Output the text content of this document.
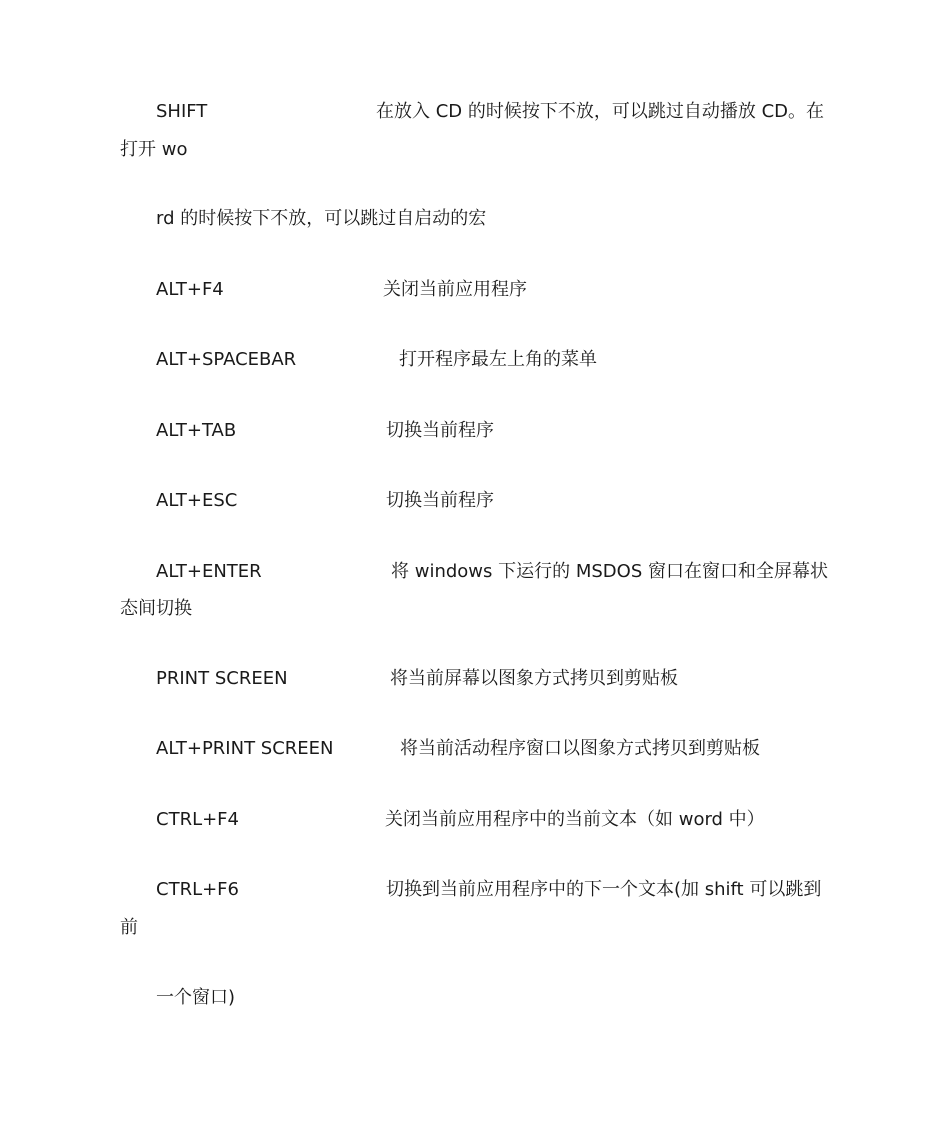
SHIFT	在放入 CD 的时候按下不放，可以跳过自动播放 CD。在
打开 wo
rd 的时候按下不放，可以跳过自启动的宏
ALT+F4	关闭当前应用程序
ALT+SPACEBAR	打开程序最左上角的菜单
ALT+TAB	切换当前程序
ALT+ESC	切换当前程序
ALT+ENTER	将 windows 下运行的 MSDOS 窗口在窗口和全屏幕状
态间切换
PRINT SCREEN	将当前屏幕以图象方式拷贝到剪贴板
ALT+PRINT SCREEN	将当前活动程序窗口以图象方式拷贝到剪贴板
CTRL+F4	关闭当前应用程序中的当前文本（如 word 中）
CTRL+F6	切换到当前应用程序中的下一个文本(加 shift 可以跳到
前
一个窗口)
